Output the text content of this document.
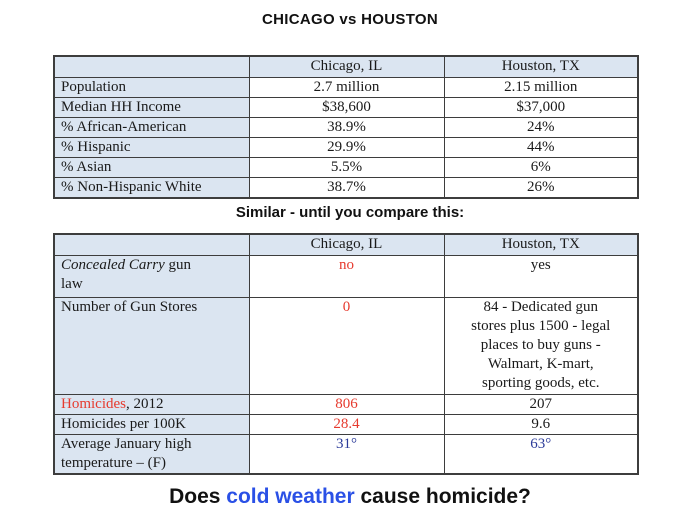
CHICAGO vs HOUSTON
	Chicago, IL	Houston, TX
Population	2.7 million	2.15 million
Median HH Income	$38,600	$37,000
% African-American	38.9%	24%
% Hispanic	29.9%	44%
% Asian	5.5%	6%
% Non-Hispanic White	38.7%	26%
Similar - until you compare this:
	Chicago, IL	Houston, TX
Concealed Carry gun
law	no	yes
Number of Gun Stores	0	84 - Dedicated gun
stores plus 1500 - legal
places to buy guns -
Walmart, K-mart,
sporting goods, etc.
Homicides, 2012	806	207
Homicides per 100K	28.4	9.6
Average January high
temperature – (F)	31°	63°
Does cold weather cause homicide?
